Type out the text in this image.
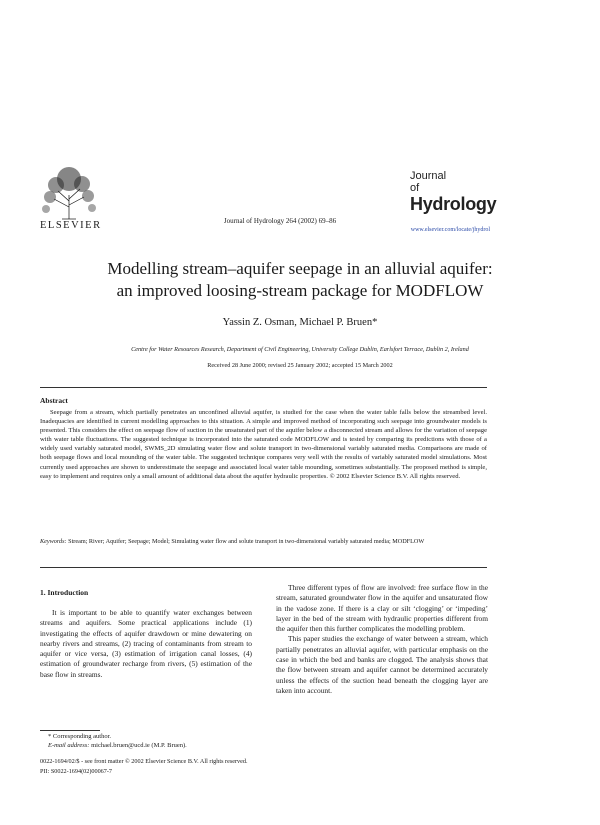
ELSEVIER	Journal of Hydrology 264 (2002) 69–86
Journal
of
Hydrology
www.elsevier.com/locate/jhydrol
Modelling stream–aquifer seepage in an alluvial aquifer:
an improved loosing-stream package for MODFLOW
Yassin Z. Osman, Michael P. Bruen*
Centre for Water Resources Research, Department of Civil Engineering, University College Dublin, Earlsfort Terrace, Dublin 2, Ireland
Received 28 June 2000; revised 25 January 2002; accepted 15 March 2002
Abstract
Seepage from a stream, which partially penetrates an unconfined alluvial aquifer, is studied for the case when the water table falls below the streambed level. Inadequacies are identified in current modelling approaches to this situation. A simple and improved method of incorporating such seepage into groundwater models is presented. This considers the effect on seepage flow of suction in the unsaturated part of the aquifer below a disconnected stream and allows for the variation of seepage with water table fluctuations. The suggested technique is incorporated into the saturated code MODFLOW and is tested by comparing its predictions with those of a widely used variably saturated model, SWMS_2D simulating water flow and solute transport in two-dimensional variably saturated media. Comparisons are made of both seepage flows and local mounding of the water table. The suggested technique compares very well with the results of variably saturated model simulations. Most currently used approaches are shown to underestimate the seepage and associated local water table mounding, sometimes substantially. The proposed method is simple, easy to implement and requires only a small amount of additional data about the aquifer hydraulic properties. © 2002 Elsevier Science B.V. All rights reserved.
Keywords: Stream; River; Aquifer; Seepage; Model; Simulating water flow and solute transport in two-dimensional variably saturated media; MODFLOW
1. Introduction
It is important to be able to quantify water exchanges between streams and aquifers. Some practical applications include (1) investigating the effects of aquifer drawdown or mine dewatering on nearby rivers and streams, (2) tracing of contaminants from stream to aquifer or vice versa, (3) estimation of irrigation canal losses, (4) estimation of groundwater recharge from rivers, (5) estimation of the base flow in streams.

Three different types of flow are involved: free surface flow in the stream, saturated groundwater flow in the aquifer and unsaturated flow in the vadose zone. If there is a clay or silt ‘clogging’ or ‘impeding’ layer in the bed of the stream with hydraulic properties different from the aquifer then this further complicates the modelling problem.

This paper studies the exchange of water between a stream, which partially penetrates an alluvial aquifer, with particular emphasis on the case in which the bed and banks are clogged. The analysis shows that the flow between stream and aquifer cannot be determined accurately unless the effects of the suction head beneath the clogging layer are taken into account.

* Corresponding author.
E-mail address: michael.bruen@ucd.ie (M.P. Bruen).
0022-1694/02/$ - see front matter © 2002 Elsevier Science B.V. All rights reserved.
PII: S0022-1694(02)00067-7
